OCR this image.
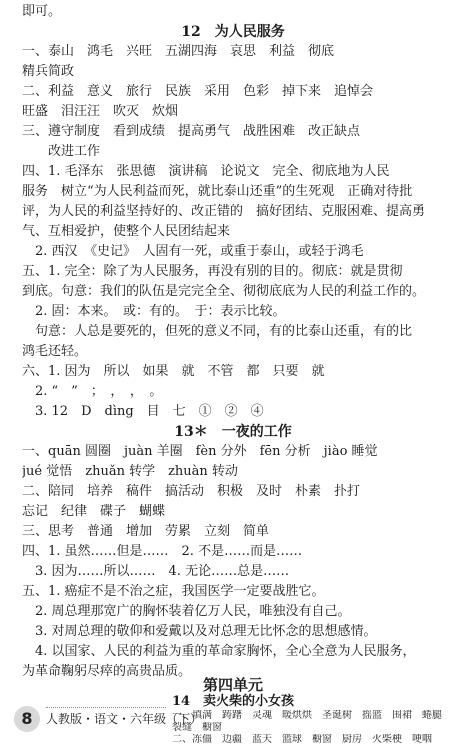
即可。
12　为人民服务
一、泰山　鸿毛　兴旺　五湖四海　哀思　利益　彻底
精兵简政
二、利益　意义　旅行　民族　采用　色彩　掉下来　追悼会
旺盛　泪汪汪　吹灭　炊烟
三、遵守制度　看到成绩　提高勇气　战胜困难　改正缺点
　　改进工作
四、1. 毛泽东　张思德　演讲稿　论说文　完全、彻底地为人民
服务　树立“为人民利益而死，就比泰山还重”的生死观　正确对待批
评，为人民的利益坚持好的、改正错的　搞好团结、克服困难、提高勇
气、互相爱护，使整个人民团结起来
　2. 西汉　《史记》　人固有一死，或重于泰山，或轻于鸿毛
五、1. 完全：除了为人民服务，再没有别的目的。彻底：就是贯彻
到底。句意：我们的队伍是完完全全、彻彻底底为人民的利益工作的。
　2. 固：本来。　或：有的。　于：表示比较。
　句意：人总是要死的，但死的意义不同，有的比泰山还重，有的比
鸿毛还轻。
六、1. 因为　所以　如果　就　不管　都　只要　就
　2. “　”　；　，　，　。
　3. 12　D　dìng　目　七　①　②　④
13＊　一夜的工作
一、quān 圆圈　juàn 羊圈　fèn 分外　fēn 分析　jiào 睡觉
jué 觉悟　zhuǎn 转学　zhuàn 转动
二、陪同　培养　稿件　搞活动　积极　及时　朴素　扑打
忘记　纪律　碟子　蝴蝶
三、思考　普通　增加　劳累　立刻　简单
四、1. 虽然……但是……　2. 不是……而是……
　3. 因为……所以……　4. 无论……总是……
五、1. 癌症不是不治之症，我国医学一定要战胜它。
　2. 周总理那宽广的胸怀装着亿万人民，唯独没有自己。
　3. 对周总理的敬仰和爱戴以及对总理无比怀念的思想感情。
　4. 以国家、人民的利益为重的革命家胸怀，全心全意为人民服务，
为革命鞠躬尽瘁的高贵品质。
第四单元
14　卖火柴的小女孩
8	人教版・语文・六年级（下）
一、填满　踌躇　灵魂　暖烘烘　圣诞树　摇篮　围裙　蜷腿
裂缝　橱窗
二、冻僵　边疆　蓝天　篮球　橱窗　厨房　火柴梗　哽咽
